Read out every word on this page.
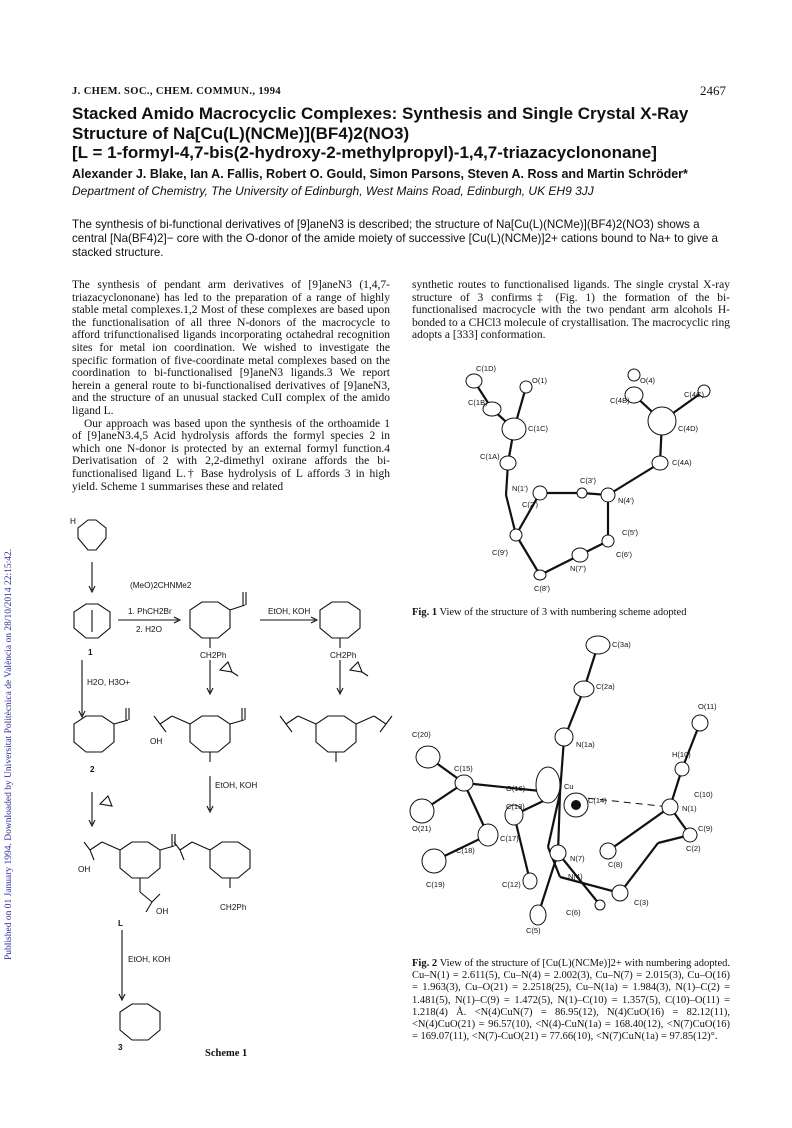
Published on 01 January 1994. Downloaded by Universitat Politècnica de València on 28/10/2014 22:15:42.
J. CHEM. SOC., CHEM. COMMUN., 1994	2467
Stacked Amido Macrocyclic Complexes: Synthesis and Single Crystal X-Ray
Structure of Na[Cu(L)(NCMe)](BF4)2(NO3)
[L = 1-formyl-4,7-bis(2-hydroxy-2-methylpropyl)-1,4,7-triazacyclononane]
Alexander J. Blake, Ian A. Fallis, Robert O. Gould, Simon Parsons, Steven A. Ross and Martin Schröder*
Department of Chemistry, The University of Edinburgh, West Mains Road, Edinburgh, UK EH9 3JJ
The synthesis of bi-functional derivatives of [9]aneN3 is described; the structure of Na[Cu(L)(NCMe)](BF4)2(NO3) shows a central [Na(BF4)2]− core with the O-donor of the amide moiety of successive [Cu(L)(NCMe)]2+ cations bound to Na+ to give a stacked structure.

The synthesis of pendant arm derivatives of [9]aneN3 (1,4,7-triazacyclononane) has led to the preparation of a range of highly stable metal complexes.1,2 Most of these complexes are based upon the functionalisation of all three N-donors of the macrocycle to afford trifunctionalised ligands incorporating octahedral recognition sites for metal ion coordination. We wished to investigate the specific formation of five-coordinate metal complexes based on the coordination to bi-functionalised [9]aneN3 ligands.3 We report herein a general route to bi-functionalised derivatives of [9]aneN3, and the structure of an unusual stacked CuII complex of the amido ligand L.

Our approach was based upon the synthesis of the orthoamide 1 of [9]aneN3.4,5 Acid hydrolysis affords the formyl species 2 in which one N-donor is protected by an external formyl function.4 Derivatisation of 2 with 2,2-dimethyl oxirane affords the bi-functionalised ligand L.† Base hydrolysis of L affords 3 in high yield. Scheme 1 summarises these and related

synthetic routes to functionalised ligands. The single crystal X-ray structure of 3 confirms‡ (Fig. 1) the formation of the bi-functionalised macrocycle with the two pendant arm alcohols H-bonded to a CHCl3 molecule of crystallisation. The macrocyclic ring adopts a [333] conformation.

H
(MeO)2CHNMe2
1. PhCH2Br
2. H2O
EtOH, KOH
H2O, H3O+
EtOH, KOH
EtOH, KOH
1
2
L
3
CH2Ph	CH2Ph
CH2Ph
OH
OH
OH
Scheme 1
C(1D)
O(1)	O(4)
C(1B)	C(4B)
C(4C)
C(1C)	C(4D)
C(1A)
C(4A)
C(3')
N(1')
C(2')	N(4')
C(5')
C(9')
N(7')
C(6')
C(8')
Fig. 1 View of the structure of 3 with numbering scheme adopted
C(3a)
C(2a)
O(11)
N(1a)
H(10)
C(20)
C(15)
O(16)
C(10)
Cu
C(13)
C(14)
O(21)
N(1)
C(17)
C(9)
C(18)
C(8)
C(2)
N(7)
N(4)
C(19)	C(12)
C(3)
C(6)
C(5)
Fig. 2 View of the structure of [Cu(L)(NCMe)]2+ with numbering adopted. Cu–N(1) = 2.611(5), Cu–N(4) = 2.002(3), Cu–N(7) = 2.015(3), Cu–O(16) = 1.963(3), Cu–O(21) = 2.2518(25), Cu–N(1a) = 1.984(3), N(1)–C(2) = 1.481(5), N(1)–C(9) = 1.472(5), N(1)–C(10) = 1.357(5), C(10)–O(11) = 1.218(4) Å. <N(4)CuN(7) = 86.95(12), N(4)CuO(16) = 82.12(11), <N(4)CuO(21) = 96.57(10), <N(4)-CuN(1a) = 168.40(12), <N(7)CuO(16) = 169.07(11), <N(7)-CuO(21) = 77.66(10), <N(7)CuN(1a) = 97.85(12)°.
